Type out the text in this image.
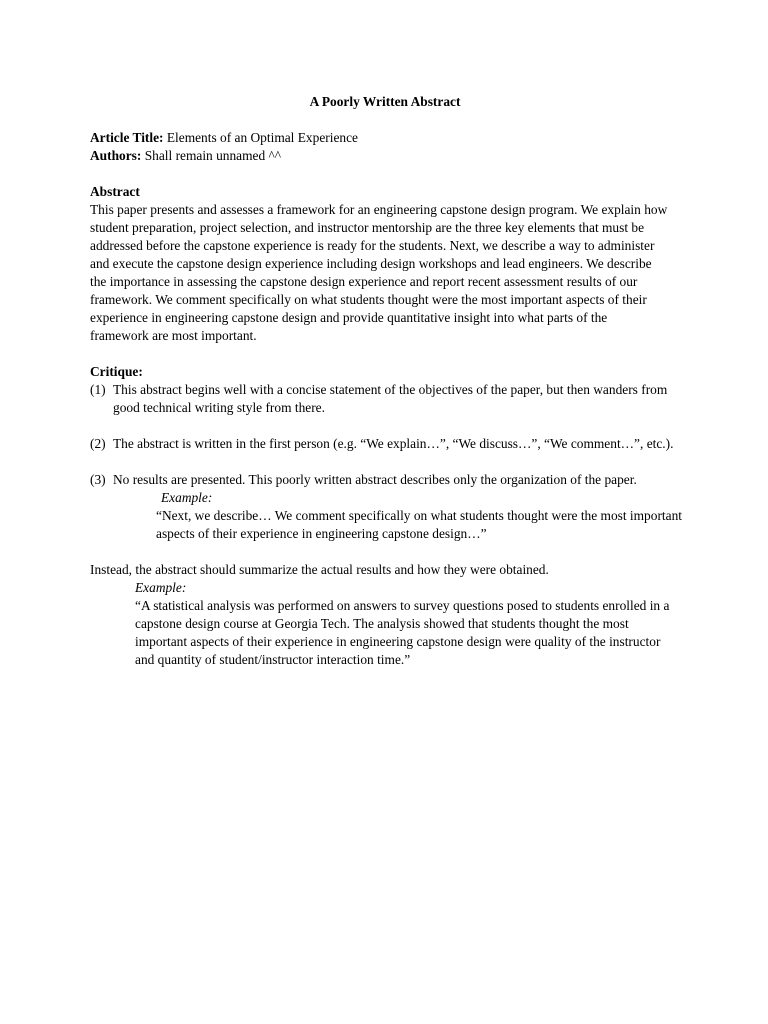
A Poorly Written Abstract
Article Title: Elements of an Optimal Experience
Authors: Shall remain unnamed ^^
Abstract
This paper presents and assesses a framework for an engineering capstone design program. We explain how student preparation, project selection, and instructor mentorship are the three key elements that must be addressed before the capstone experience is ready for the students. Next, we describe a way to administer and execute the capstone design experience including design workshops and lead engineers. We describe the importance in assessing the capstone design experience and report recent assessment results of our framework. We comment specifically on what students thought were the most important aspects of their experience in engineering capstone design and provide quantitative insight into what parts of the framework are most important.
Critique:
(1) This abstract begins well with a concise statement of the objectives of the paper, but then wanders from good technical writing style from there.
(2) The abstract is written in the first person (e.g. “We explain…”, “We discuss…”, “We comment…”, etc.).
(3) No results are presented. This poorly written abstract describes only the organization of the paper.
Example:
“Next, we describe… We comment specifically on what students thought were the most important aspects of their experience in engineering capstone design…”
Instead, the abstract should summarize the actual results and how they were obtained.
Example:
“A statistical analysis was performed on answers to survey questions posed to students enrolled in a capstone design course at Georgia Tech. The analysis showed that students thought the most important aspects of their experience in engineering capstone design were quality of the instructor and quantity of student/instructor interaction time.”
